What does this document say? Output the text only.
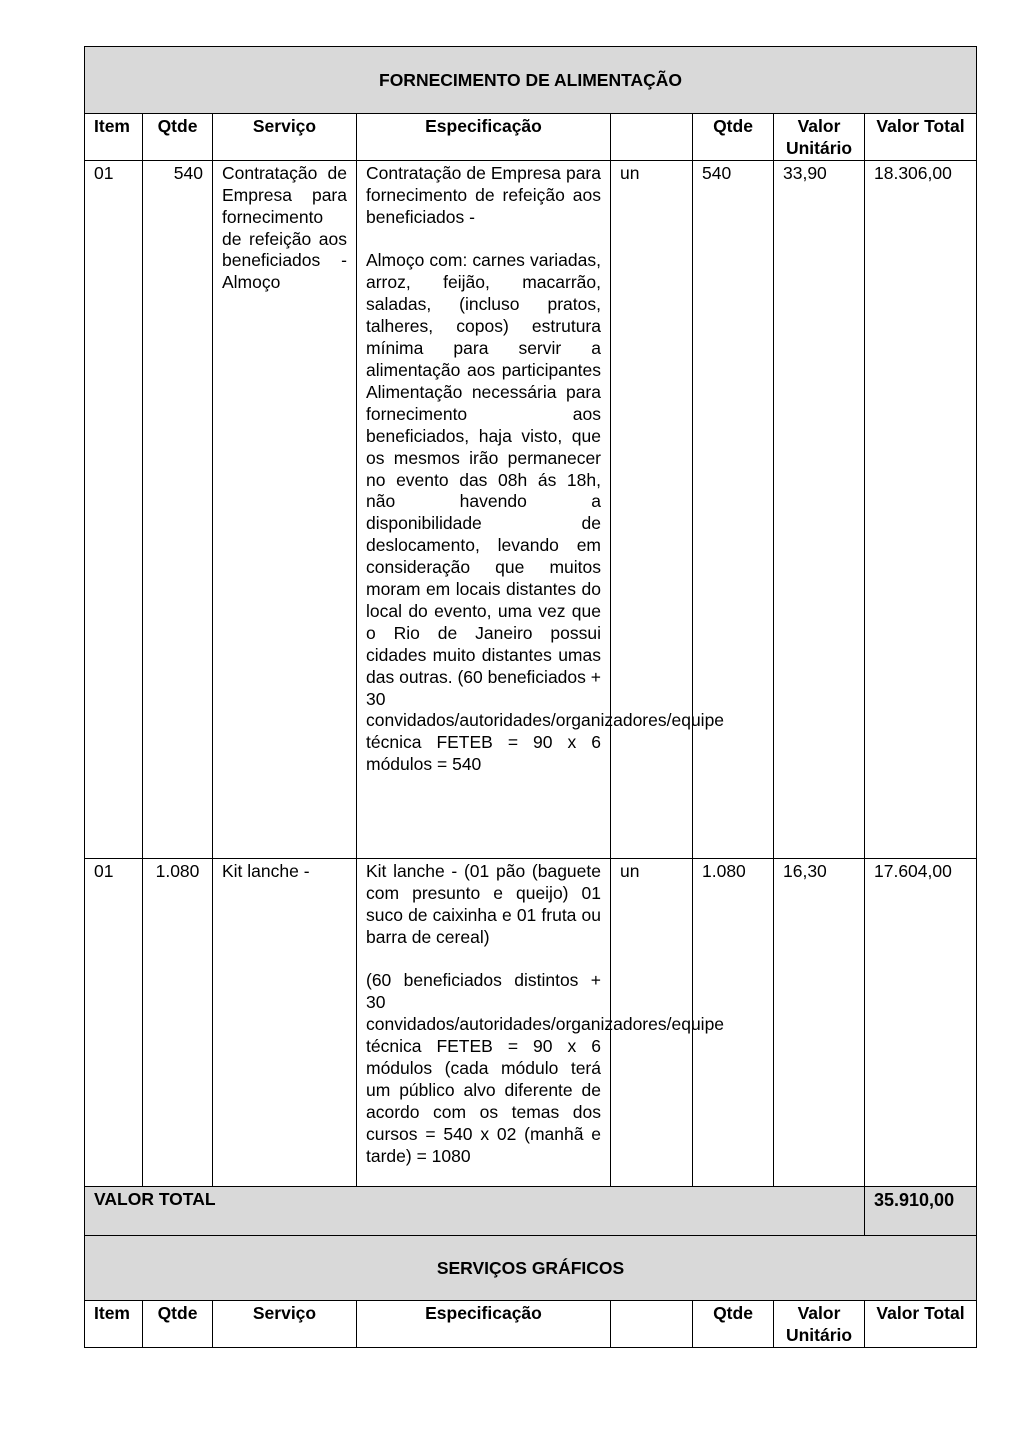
FORNECIMENTO DE ALIMENTAÇÃO							
Item	Qtde	Serviço	Especificação		Qtde	Valor Unitário	Valor Total
01	540	Contratação de Empresa para fornecimento de refeição aos beneficiados - Almoço	Contratação de Empresa para fornecimento de refeição aos beneficiados -

Almoço com: carnes variadas, arroz, feijão, macarrão, saladas, (incluso pratos, talheres, copos) estrutura mínima para servir a alimentação aos participantes Alimentação necessária para fornecimento aos beneficiados, haja visto, que os mesmos irão permanecer no evento das 08h ás 18h, não havendo a disponibilidade de deslocamento, levando em consideração que muitos moram em locais distantes do local do evento, uma vez que o Rio de Janeiro possui cidades muito distantes umas das outras. (60 beneficiados + 30 convidados/autoridades/organizadores/equipe técnica FETEB = 90 x 6 módulos = 540	un	540	33,90	18.306,00
01	1.080	Kit lanche -	Kit lanche - (01 pão (baguete com presunto e queijo) 01 suco de caixinha e 01 fruta ou barra de cereal)

(60 beneficiados distintos + 30 convidados/autoridades/organizadores/equipe técnica FETEB = 90 x 6 módulos (cada módulo terá um público alvo diferente de acordo com os temas dos cursos = 540 x 02 (manhã e tarde) = 1080	un	1.080	16,30	17.604,00
VALOR TOTAL							35.910,00
SERVIÇOS GRÁFICOS							
Item	Qtde	Serviço	Especificação		Qtde	Valor Unitário	Valor Total
